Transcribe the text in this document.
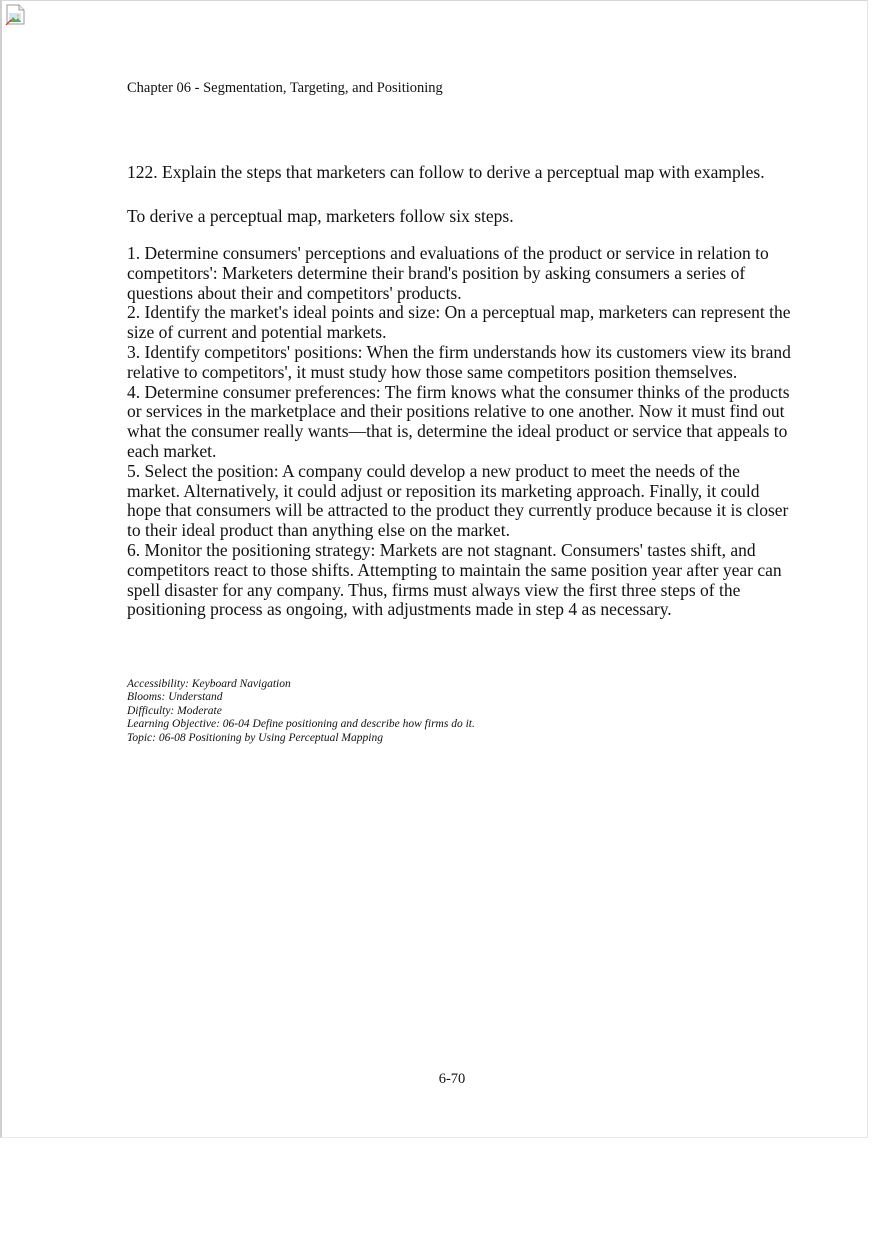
Chapter 06 - Segmentation, Targeting, and Positioning
122. Explain the steps that marketers can follow to derive a perceptual map with examples.
To derive a perceptual map, marketers follow six steps.
1. Determine consumers' perceptions and evaluations of the product or service in relation to competitors': Marketers determine their brand's position by asking consumers a series of questions about their and competitors' products.
2. Identify the market's ideal points and size: On a perceptual map, marketers can represent the size of current and potential markets.
3. Identify competitors' positions: When the firm understands how its customers view its brand relative to competitors', it must study how those same competitors position themselves.
4. Determine consumer preferences: The firm knows what the consumer thinks of the products or services in the marketplace and their positions relative to one another. Now it must find out what the consumer really wants—that is, determine the ideal product or service that appeals to each market.
5. Select the position: A company could develop a new product to meet the needs of the market. Alternatively, it could adjust or reposition its marketing approach. Finally, it could hope that consumers will be attracted to the product they currently produce because it is closer to their ideal product than anything else on the market.
6. Monitor the positioning strategy: Markets are not stagnant. Consumers' tastes shift, and competitors react to those shifts. Attempting to maintain the same position year after year can spell disaster for any company. Thus, firms must always view the first three steps of the positioning process as ongoing, with adjustments made in step 4 as necessary.
Accessibility: Keyboard Navigation
Blooms: Understand
Difficulty: Moderate
Learning Objective: 06-04 Define positioning and describe how firms do it.
Topic: 06-08 Positioning by Using Perceptual Mapping
6-70
